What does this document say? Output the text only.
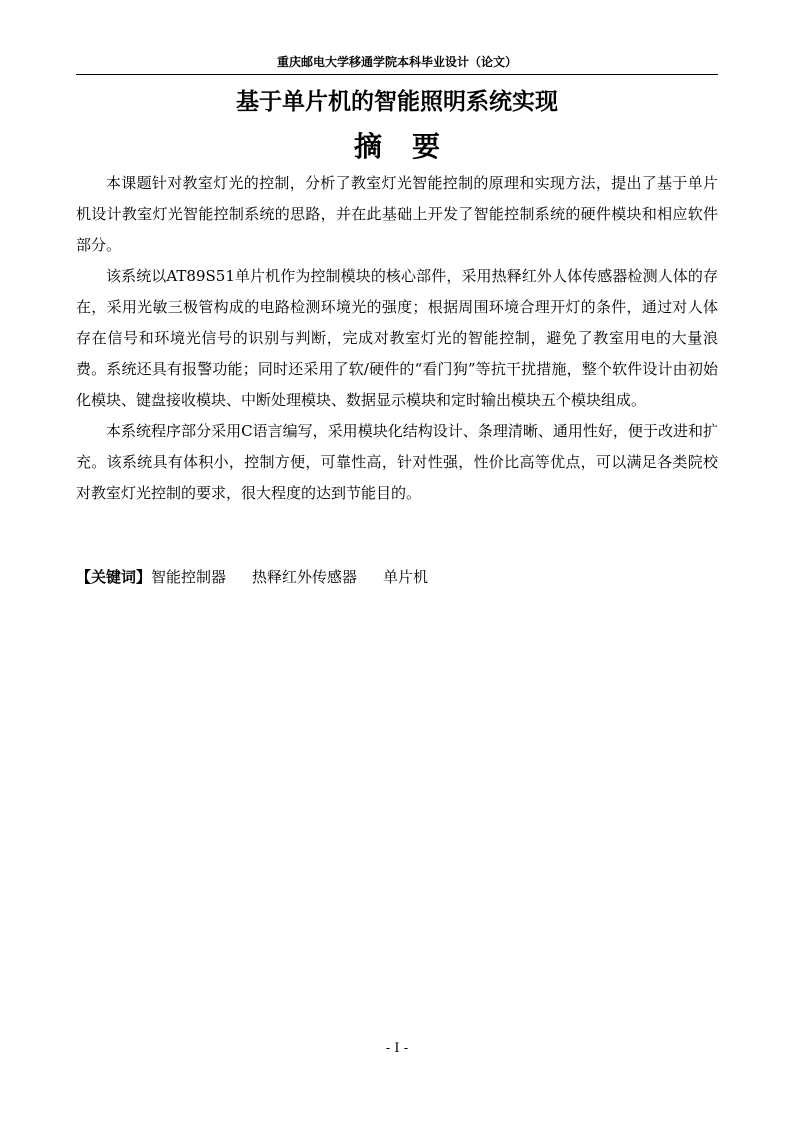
重庆邮电大学移通学院本科毕业设计（论文）
基于单片机的智能照明系统实现
摘要

本课题针对教室灯光的控制，分析了教室灯光智能控制的原理和实现方法，提出了基于单片机设计教室灯光智能控制系统的思路，并在此基础上开发了智能控制系统的硬件模块和相应软件部分。

该系统以AT89S51单片机作为控制模块的核心部件，采用热释红外人体传感器检测人体的存在，采用光敏三极管构成的电路检测环境光的强度；根据周围环境合理开灯的条件，通过对人体存在信号和环境光信号的识别与判断，完成对教室灯光的智能控制，避免了教室用电的大量浪费。系统还具有报警功能；同时还采用了软/硬件的“看门狗”等抗干扰措施，整个软件设计由初始化模块、键盘接收模块、中断处理模块、数据显示模块和定时输出模块五个模块组成。

本系统程序部分采用C语言编写，采用模块化结构设计、条理清晰、通用性好，便于改进和扩充。该系统具有体积小，控制方便，可靠性高，针对性强，性价比高等优点，可以满足各类院校对教室灯光控制的要求，很大程度的达到节能目的。

【关键词】智能控制器 热释红外传感器 单片机
- I -
